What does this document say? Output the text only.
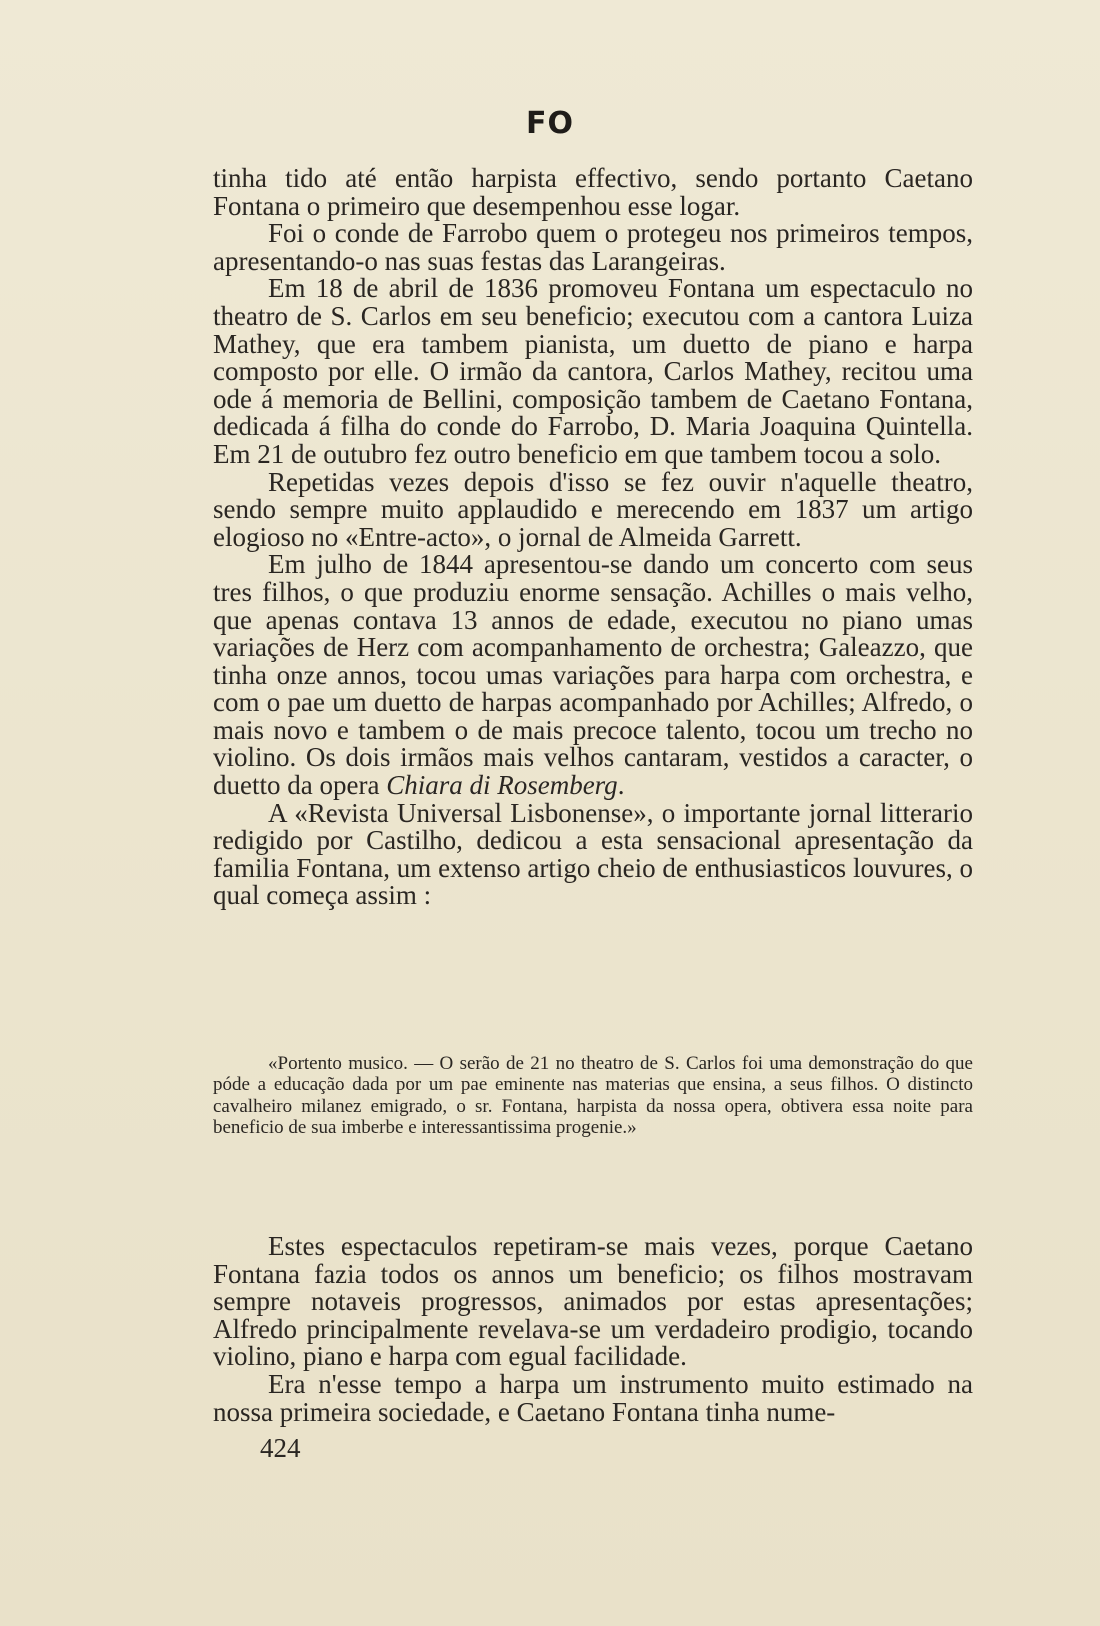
FO

tinha tido até então harpista effectivo, sendo portanto Caetano Fontana o primeiro que desempenhou esse logar.

Foi o conde de Farrobo quem o protegeu nos primeiros tempos, apresentando-o nas suas festas das Larangeiras.

Em 18 de abril de 1836 promoveu Fontana um espectaculo no theatro de S. Carlos em seu beneficio; executou com a cantora Luiza Mathey, que era tambem pianista, um duetto de piano e harpa composto por elle. O irmão da cantora, Carlos Mathey, recitou uma ode á memoria de Bellini, composição tambem de Caetano Fontana, dedicada á filha do conde do Farrobo, D. Maria Joaquina Quintella. Em 21 de outubro fez outro beneficio em que tambem tocou a solo.

Repetidas vezes depois d'isso se fez ouvir n'aquelle theatro, sendo sempre muito applaudido e merecendo em 1837 um artigo elogioso no «Entre-acto», o jornal de Almeida Garrett.

Em julho de 1844 apresentou-se dando um concerto com seus tres filhos, o que produziu enorme sensação. Achilles o mais velho, que apenas contava 13 annos de edade, executou no piano umas variações de Herz com acompanhamento de orchestra; Galeazzo, que tinha onze annos, tocou umas variações para harpa com orchestra, e com o pae um duetto de harpas acompanhado por Achilles; Alfredo, o mais novo e tambem o de mais precoce talento, tocou um trecho no violino. Os dois irmãos mais velhos cantaram, vestidos a caracter, o duetto da opera Chiara di Rosemberg.

A «Revista Universal Lisbonense», o importante jornal litterario redigido por Castilho, dedicou a esta sensacional apresentação da familia Fontana, um extenso artigo cheio de enthusiasticos louvures, o qual começa assim :

«Portento musico. — O serão de 21 no theatro de S. Carlos foi uma demonstração do que póde a educação dada por um pae eminente nas materias que ensina, a seus filhos. O distincto cavalheiro milanez emigrado, o sr. Fontana, harpista da nossa opera, obtivera essa noite para beneficio de sua imberbe e interessantissima progenie.»

Estes espectaculos repetiram-se mais vezes, porque Caetano Fontana fazia todos os annos um beneficio; os filhos mostravam sempre notaveis progressos, animados por estas apresentações; Alfredo principalmente revelava-se um verdadeiro prodigio, tocando violino, piano e harpa com egual facilidade.

Era n'esse tempo a harpa um instrumento muito estimado na nossa primeira sociedade, e Caetano Fontana tinha nume-

424
